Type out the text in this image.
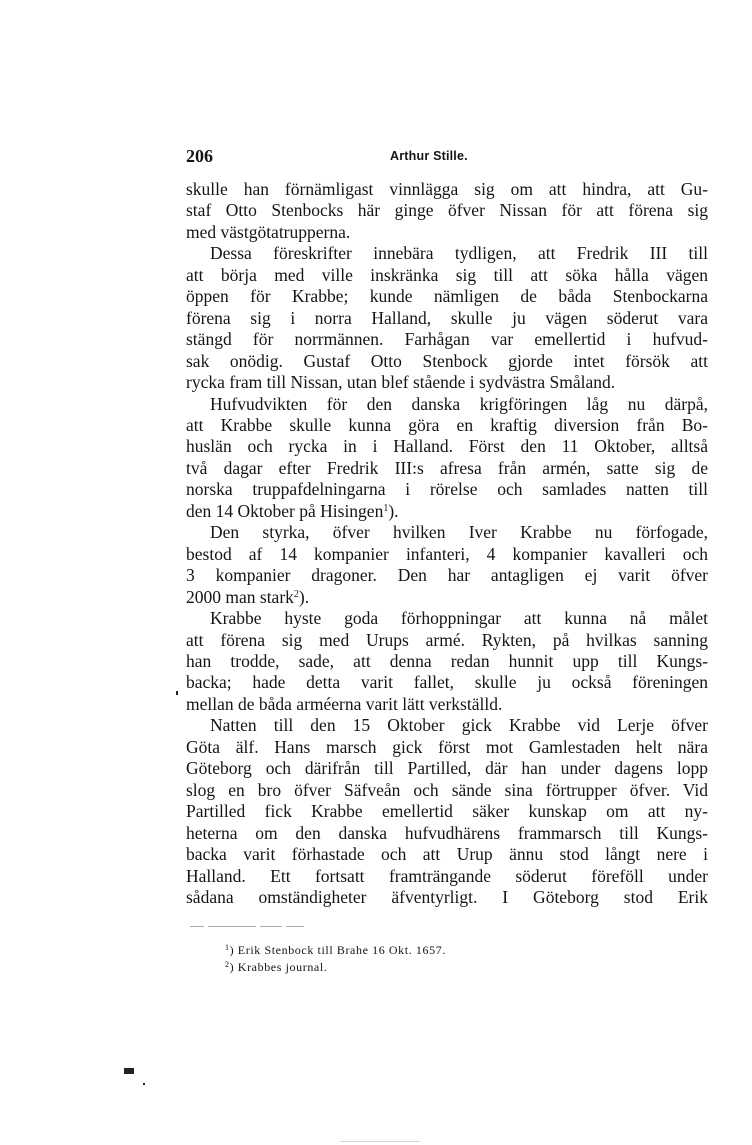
206	Arthur Stille.
skulle han förnämligast vinnlägga sig om att hindra, att Gu-
staf Otto Stenbocks här ginge öfver Nissan för att förena sig
med västgötatrupperna.
Dessa föreskrifter innebära tydligen, att Fredrik III till
att börja med ville inskränka sig till att söka hålla vägen
öppen för Krabbe; kunde nämligen de båda Stenbockarna
förena sig i norra Halland, skulle ju vägen söderut vara
stängd för norrmännen. Farhågan var emellertid i hufvud-
sak onödig. Gustaf Otto Stenbock gjorde intet försök att
rycka fram till Nissan, utan blef stående i sydvästra Småland.
Hufvudvikten för den danska krigföringen låg nu därpå,
att Krabbe skulle kunna göra en kraftig diversion från Bo-
huslän och rycka in i Halland. Först den 11 Oktober, alltså
två dagar efter Fredrik III:s afresa från armén, satte sig de
norska truppafdelningarna i rörelse och samlades natten till
den 14 Oktober på Hisingen$^1$).
Den styrka, öfver hvilken Iver Krabbe nu förfogade,
bestod af 14 kompanier infanteri, 4 kompanier kavalleri och
3 kompanier dragoner. Den har antagligen ej varit öfver
2000 man stark$^2$).
Krabbe hyste goda förhoppningar att kunna nå målet
att förena sig med Urups armé. Rykten, på hvilkas sanning
han trodde, sade, att denna redan hunnit upp till Kungs-
backa; hade detta varit fallet, skulle ju också föreningen
mellan de båda arméerna varit lätt verkställd.
Natten till den 15 Oktober gick Krabbe vid Lerje öfver
Göta älf. Hans marsch gick först mot Gamlestaden helt nära
Göteborg och därifrån till Partilled, där han under dagens lopp
slog en bro öfver Säfveån och sände sina förtrupper öfver. Vid
Partilled fick Krabbe emellertid säker kunskap om att ny-
heterna om den danska hufvudhärens frammarsch till Kungs-
backa varit förhastade och att Urup ännu stod långt nere i
Halland. Ett fortsatt framträngande söderut föreföll under
sådana omständigheter äfventyrligt. I Göteborg stod Erik
$^1$) Erik Stenbock till Brahe 16 Okt. 1657.
$^2$) Krabbes journal.
